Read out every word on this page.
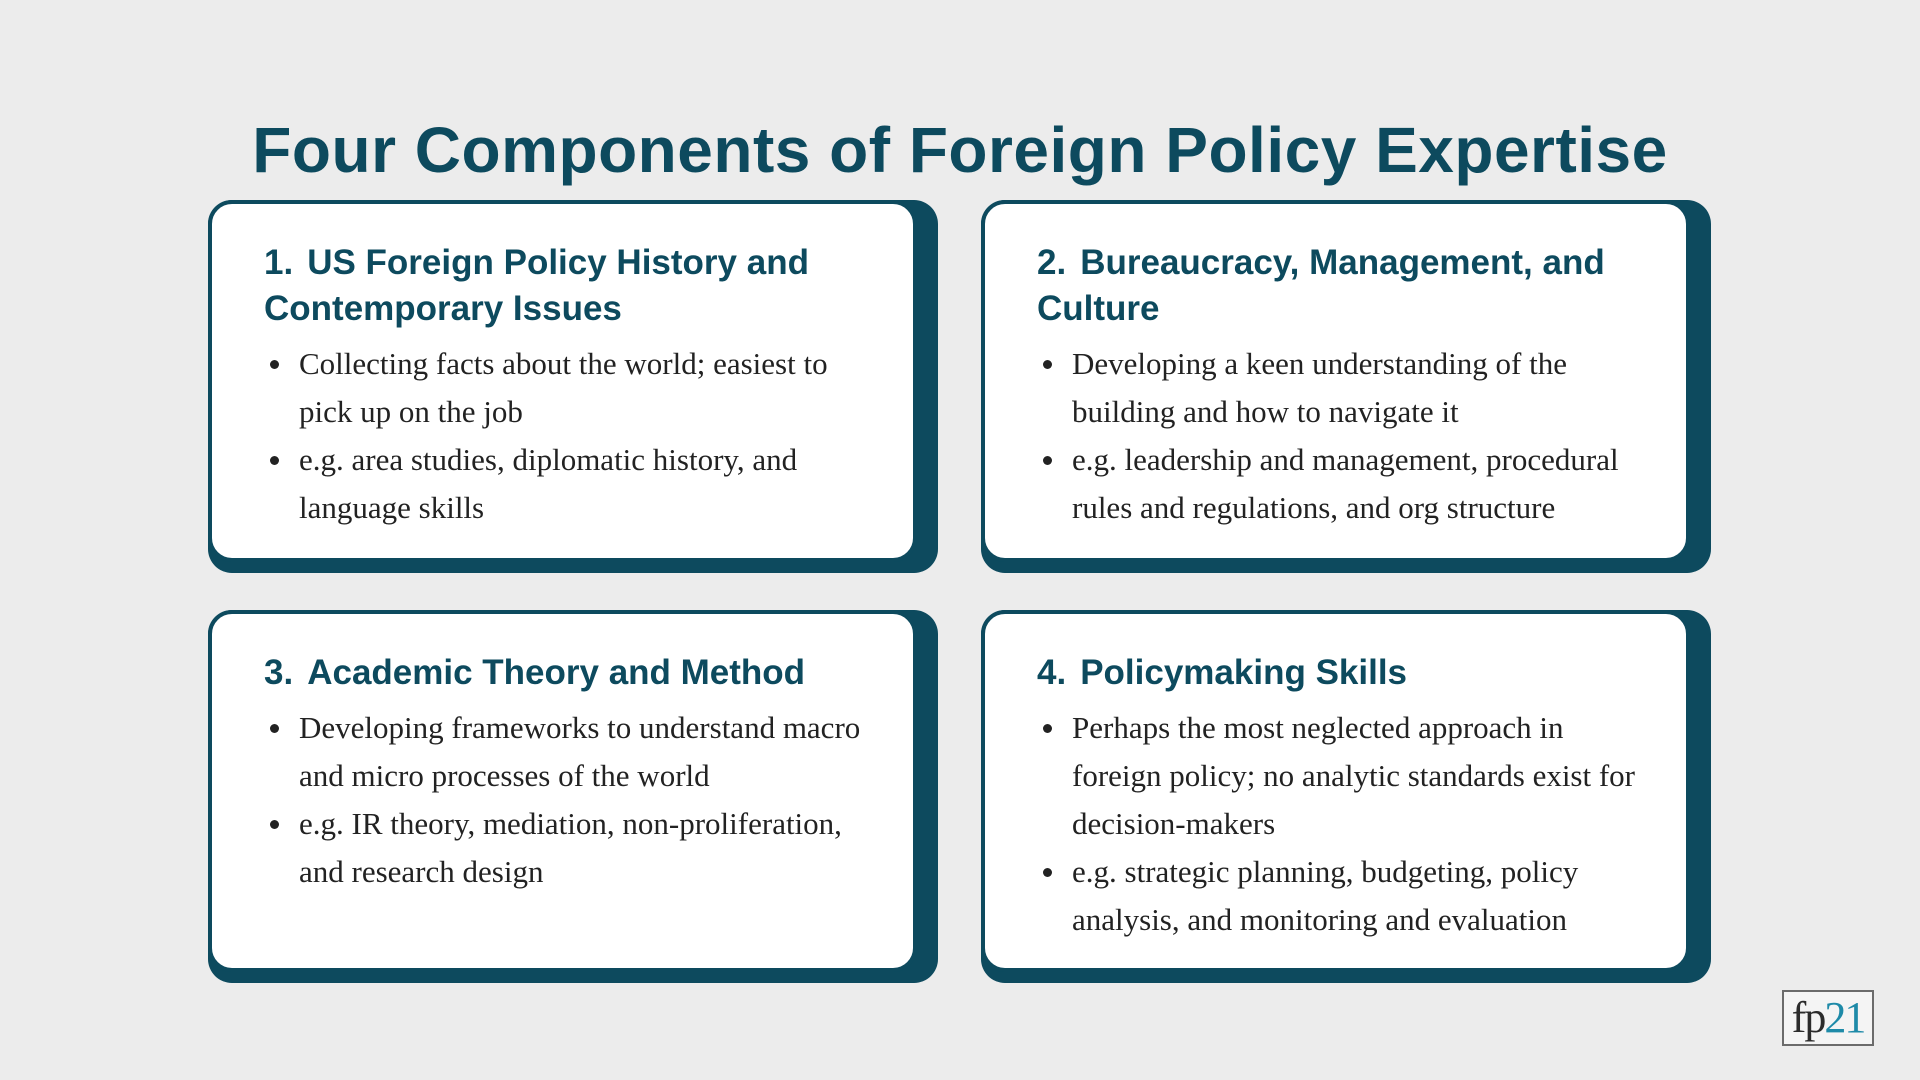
Four Components of Foreign Policy Expertise
1. US Foreign Policy History and Contemporary Issues
Collecting facts about the world; easiest to pick up on the job
e.g. area studies, diplomatic history, and language skills
2. Bureaucracy, Management, and Culture
Developing a keen understanding of the building and how to navigate it
e.g. leadership and management, procedural rules and regulations, and org structure
3. Academic Theory and Method
Developing frameworks to understand macro and micro processes of the world
e.g. IR theory, mediation, non-proliferation, and research design
4. Policymaking Skills
Perhaps the most neglected approach in foreign policy; no analytic standards exist for decision-makers
e.g. strategic planning, budgeting, policy analysis, and monitoring and evaluation
fp 21
